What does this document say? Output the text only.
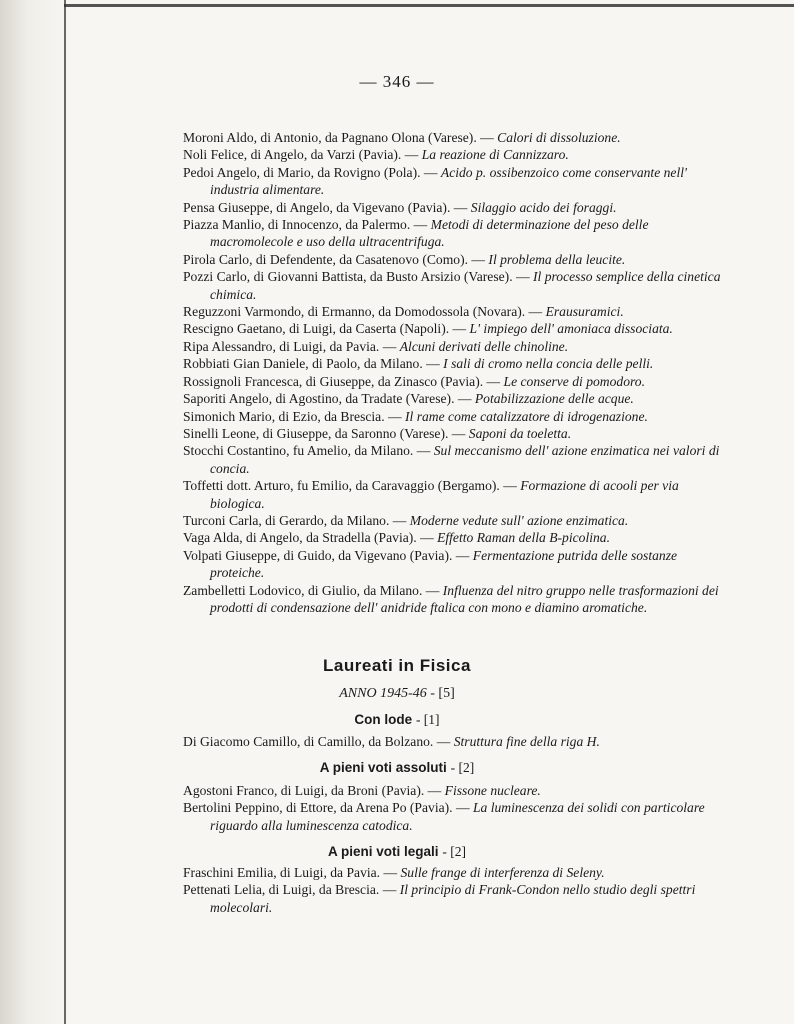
— 346 —

Moroni Aldo, di Antonio, da Pagnano Olona (Varese). — Calori di dissoluzione.

Noli Felice, di Angelo, da Varzi (Pavia). — La reazione di Cannizzaro.

Pedoi Angelo, di Mario, da Rovigno (Pola). — Acido p. ossibenzoico come conservante nell' industria alimentare.

Pensa Giuseppe, di Angelo, da Vigevano (Pavia). — Silaggio acido dei foraggi.

Piazza Manlio, di Innocenzo, da Palermo. — Metodi di determinazione del peso delle macromolecole e uso della ultracentrifuga.

Pirola Carlo, di Defendente, da Casatenovo (Como). — Il problema della leucite.

Pozzi Carlo, di Giovanni Battista, da Busto Arsizio (Varese). — Il processo semplice della cinetica chimica.

Reguzzoni Varmondo, di Ermanno, da Domodossola (Novara). — Erausuramici.

Rescigno Gaetano, di Luigi, da Caserta (Napoli). — L' impiego dell' amoniaca dissociata.

Ripa Alessandro, di Luigi, da Pavia. — Alcuni derivati delle chinoline.

Robbiati Gian Daniele, di Paolo, da Milano. — I sali di cromo nella concia delle pelli.

Rossignoli Francesca, di Giuseppe, da Zinasco (Pavia). — Le conserve di pomodoro.

Saporiti Angelo, di Agostino, da Tradate (Varese). — Potabilizzazione delle acque.

Simonich Mario, di Ezio, da Brescia. — Il rame come catalizzatore di idrogenazione.

Sinelli Leone, di Giuseppe, da Saronno (Varese). — Saponi da toeletta.

Stocchi Costantino, fu Amelio, da Milano. — Sul meccanismo dell' azione enzimatica nei valori di concia.

Toffetti dott. Arturo, fu Emilio, da Caravaggio (Bergamo). — Formazione di acooli per via biologica.

Turconi Carla, di Gerardo, da Milano. — Moderne vedute sull' azione enzimatica.

Vaga Alda, di Angelo, da Stradella (Pavia). — Effetto Raman della B-picolina.

Volpati Giuseppe, di Guido, da Vigevano (Pavia). — Fermentazione putrida delle sostanze proteiche.

Zambelletti Lodovico, di Giulio, da Milano. — Influenza del nitro gruppo nelle trasformazioni dei prodotti di condensazione dell' anidride ftalica con mono e diamino aromatiche.

Laureati in Fisica
ANNO 1945-46 - [5]
Con lode - [1]

Di Giacomo Camillo, di Camillo, da Bolzano. — Struttura fine della riga H.

A pieni voti assoluti - [2]

Agostoni Franco, di Luigi, da Broni (Pavia). — Fissone nucleare.

Bertolini Peppino, di Ettore, da Arena Po (Pavia). — La luminescenza dei solidi con particolare riguardo alla luminescenza catodica.

A pieni voti legali - [2]

Fraschini Emilia, di Luigi, da Pavia. — Sulle frange di interferenza di Seleny.

Pettenati Lelia, di Luigi, da Brescia. — Il principio di Frank-Condon nello studio degli spettri molecolari.
